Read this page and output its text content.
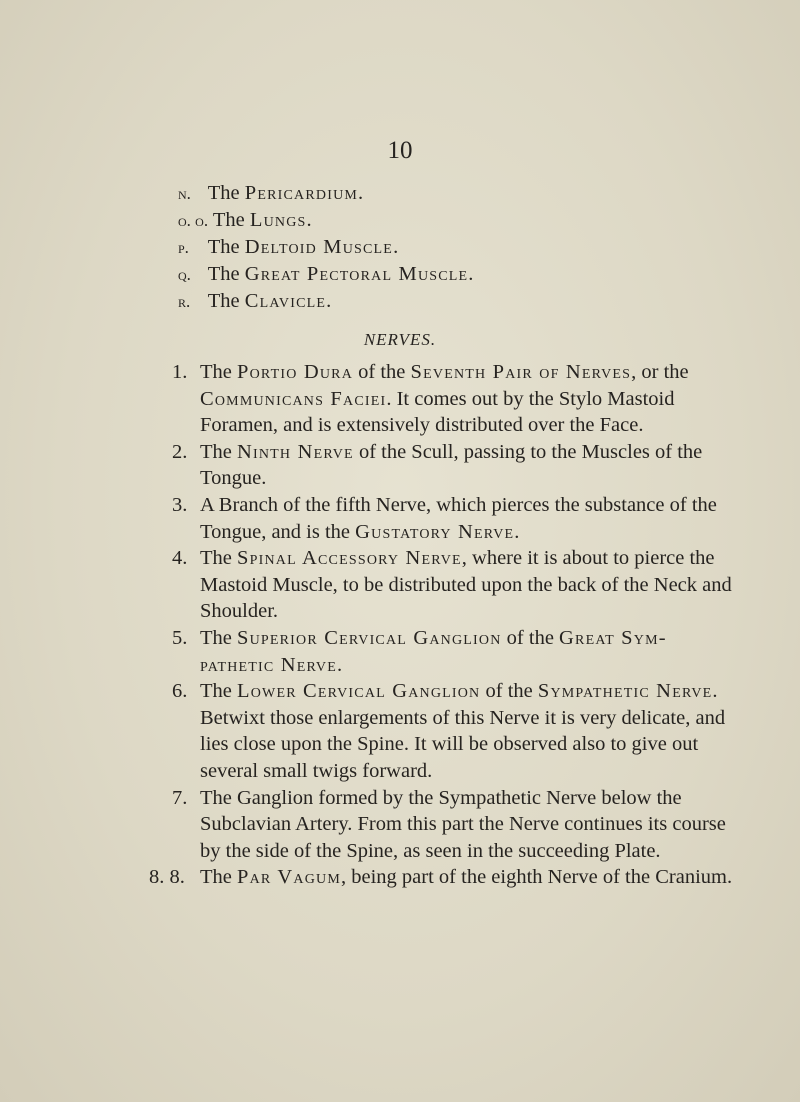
10
n. The Pericardium.
o. o. The Lungs.
p. The Deltoid Muscle.
q. The Great Pectoral Muscle.
r. The Clavicle.
NERVES.
1. The Portio Dura of the Seventh Pair of Nerves, or the Communicans Faciei. It comes out by the Stylo Mastoid Foramen, and is extensively distributed over the Face.
2. The Ninth Nerve of the Scull, passing to the Muscles of the Tongue.
3. A Branch of the fifth Nerve, which pierces the substance of the Tongue, and is the Gustatory Nerve.
4. The Spinal Accessory Nerve, where it is about to pierce the Mastoid Muscle, to be distributed upon the back of the Neck and Shoulder.
5. The Superior Cervical Ganglion of the Great Sym- pathetic Nerve.
6. The Lower Cervical Ganglion of the Sympathetic Nerve. Betwixt those enlargements of this Nerve it is very delicate, and lies close upon the Spine. It will be observed also to give out several small twigs forward.
7. The Ganglion formed by the Sympathetic Nerve below the Subclavian Artery. From this part the Nerve continues its course by the side of the Spine, as seen in the succeeding Plate.
8. 8. The Par Vagum, being part of the eighth Nerve of the Cranium.
